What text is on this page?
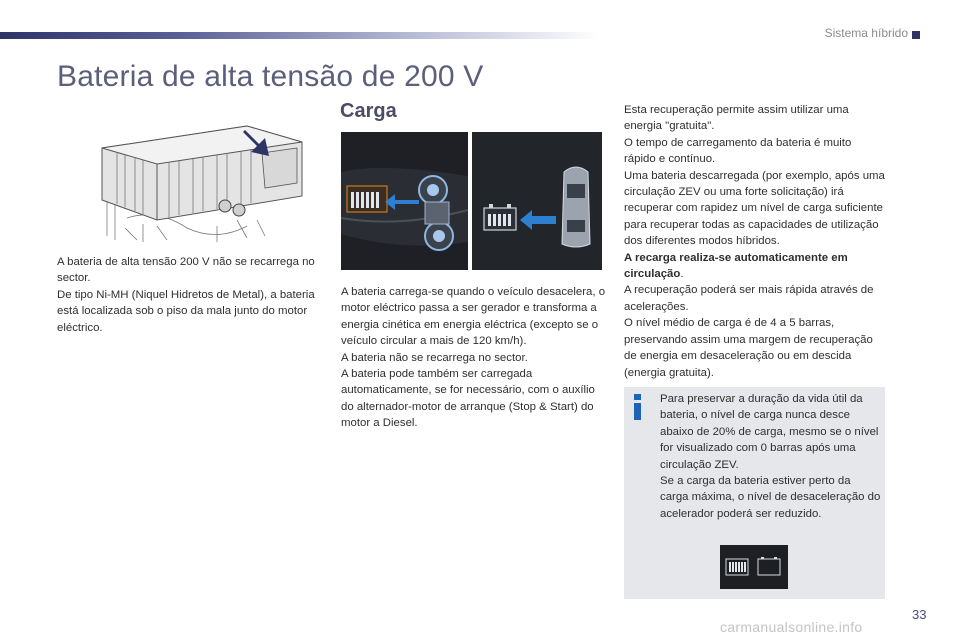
Sistema híbrido
Bateria de alta tensão de 200 V

A bateria de alta tensão 200 V não se recarrega no sector.

De tipo Ni-MH (Niquel Hidretos de Metal), a bateria está localizada sob o piso da mala junto do motor eléctrico.

Carga

A bateria carrega-se quando o veículo desacelera, o motor eléctrico passa a ser gerador e transforma a energia cinética em energia eléctrica (excepto se o veículo circular a mais de 120 km/h).

A bateria não se recarrega no sector.

A bateria pode também ser carregada automaticamente, se for necessário, com o auxílio do alternador-motor de arranque (Stop & Start) do motor a Diesel.

Esta recuperação permite assim utilizar uma energia "gratuita".

O tempo de carregamento da bateria é muito rápido e contínuo.

Uma bateria descarregada (por exemplo, após uma circulação ZEV ou uma forte solicitação) irá recuperar com rapidez um nível de carga suficiente para recuperar todas as capacidades de utilização dos diferentes modos híbridos.

A recarga realiza-se automaticamente em circulação.

A recuperação poderá ser mais rápida através de acelerações.

O nível médio de carga é de 4 a 5 barras, preservando assim uma margem de recuperação de energia em desaceleração ou em descida (energia gratuita).

Para preservar a duração da vida útil da bateria, o nível de carga nunca desce abaixo de 20% de carga, mesmo se o nível for visualizado com 0 barras após uma circulação ZEV.

Se a carga da bateria estiver perto da carga máxima, o nível de desaceleração do acelerador poderá ser reduzido.

33
carmanualsonline.info
